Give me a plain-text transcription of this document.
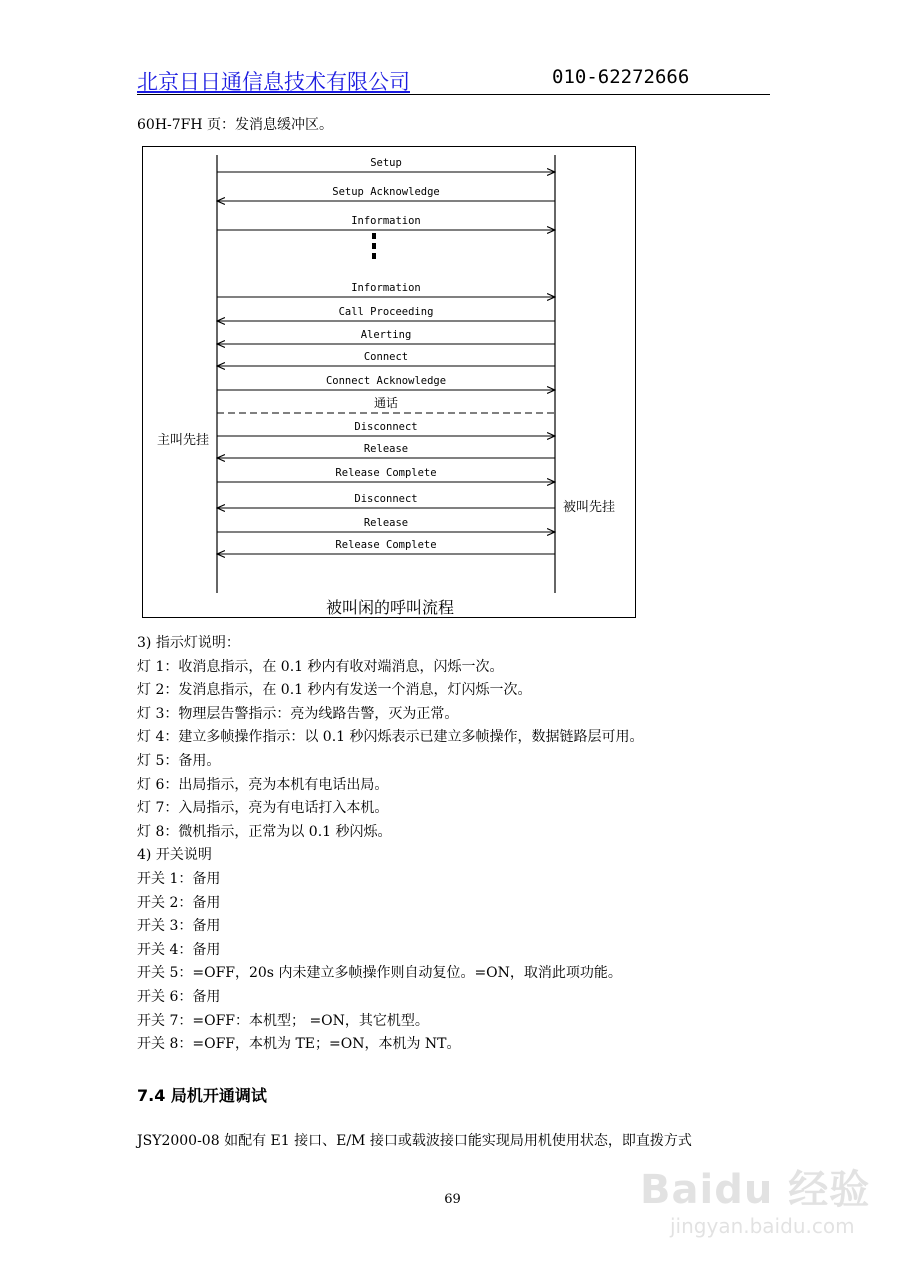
北京日日通信息技术有限公司	010-62272666
60H-7FH 页：发消息缓冲区。
Setup
Setup Acknowledge
Information
Information
Call Proceeding
Alerting
Connect
Connect Acknowledge
通话
Disconnect
Release
Release Complete
Disconnect
Release
Release Complete
主叫先挂
被叫先挂
被叫闲的呼叫流程
3) 指示灯说明：
灯 1：收消息指示，在 0.1 秒内有收对端消息，闪烁一次。
灯 2：发消息指示，在 0.1 秒内有发送一个消息，灯闪烁一次。
灯 3：物理层告警指示：亮为线路告警，灭为正常。
灯 4：建立多帧操作指示：以 0.1 秒闪烁表示已建立多帧操作，数据链路层可用。
灯 5：备用。
灯 6：出局指示，亮为本机有电话出局。
灯 7：入局指示，亮为有电话打入本机。
灯 8：微机指示，正常为以 0.1 秒闪烁。
4) 开关说明
开关 1：备用
开关 2：备用
开关 3：备用
开关 4：备用
开关 5：=OFF，20s 内未建立多帧操作则自动复位。=ON，取消此项功能。
开关 6：备用
开关 7：=OFF：本机型； =ON，其它机型。
开关 8：=OFF，本机为 TE；=ON，本机为 NT。
7.4 局机开通调试
JSY2000-08 如配有 E1 接口、E/M 接口或载波接口能实现局用机使用状态，即直拨方式
69	Baidu 经验
jingyan.baidu.com
